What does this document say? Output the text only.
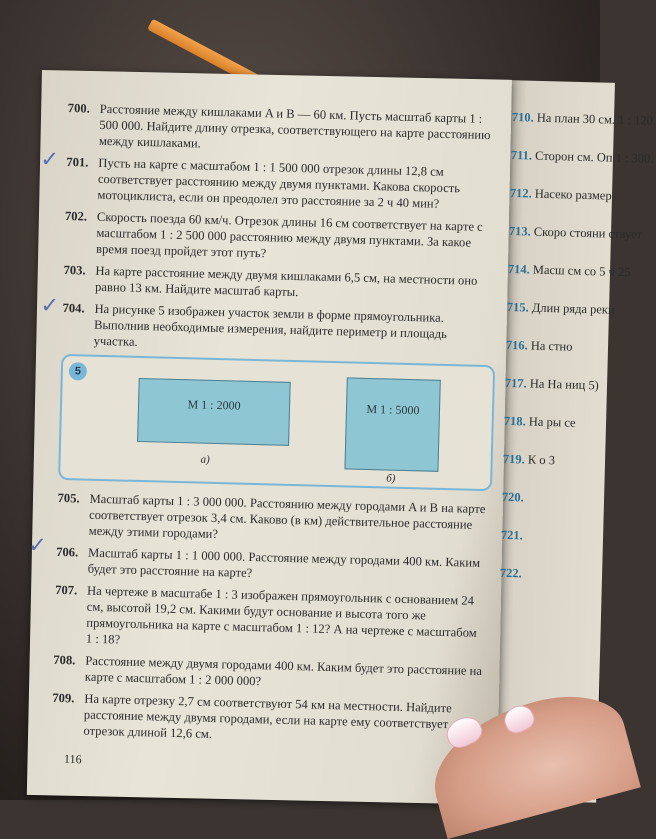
700. Расстояние между кишлаками A и B — 60 км. Пусть масштаб карты 1 : 500 000. Найдите длину отрезка, соответствующего на карте расстоянию между кишлаками.
✓ 701. Пусть на карте с масштабом 1 : 1 500 000 отрезок длины 12,8 см соответствует расстоянию между двумя пунктами. Какова скорость мотоциклиста, если он преодолел это расстояние за 2 ч 40 мин?
702. Скорость поезда 60 км/ч. Отрезок длины 16 см соответствует на карте с масштабом 1 : 2 500 000 расстоянию между двумя пунктами. За какое время поезд пройдет этот путь?
703. На карте расстояние между двумя кишлаками 6,5 см, на местности оно равно 13 км. Найдите масштаб карты.
✓ 704. На рисунке 5 изображен участок земли в форме прямоугольника. Выполнив необходимые измерения, найдите периметр и площадь участка.
5
M 1 : 2000	M 1 : 5000
а)
б)
705. Масштаб карты 1 : 3 000 000. Расстоянию между городами A и B на карте соответствует отрезок 3,4 см. Каково (в км) действительное расстояние между этими городами?
✓ 706. Масштаб карты 1 : 1 000 000. Расстояние между городами 400 км. Каким будет это расстояние на карте?
707. На чертеже в масштабе 1 : 3 изображен прямоугольник с основанием 24 см, высотой 19,2 см. Какими будут основание и высота того же прямоугольника на карте с масштабом 1 : 12? А на чертеже с масштабом 1 : 18?
708. Расстояние между двумя городами 400 км. Каким будет это расстояние на карте с масштабом 1 : 2 000 000?
709. На карте отрезку 2,7 см соответствуют 54 км на местности. Найдите расстояние между двумя городами, если на карте ему соответствует отрезок длиной 12,6 см.
116
710. На план 30 см. 1 : 120.
711. Сторон см. Оп 1 : 300.
712. Насеко размер
713. Скоро стояни ствует
714. Масш см со 5 ч 25
715. Длин ряда реки
716. На стно
717. На На ниц 5)
718. На ры се
719. К о 3
720.
721.
722.
